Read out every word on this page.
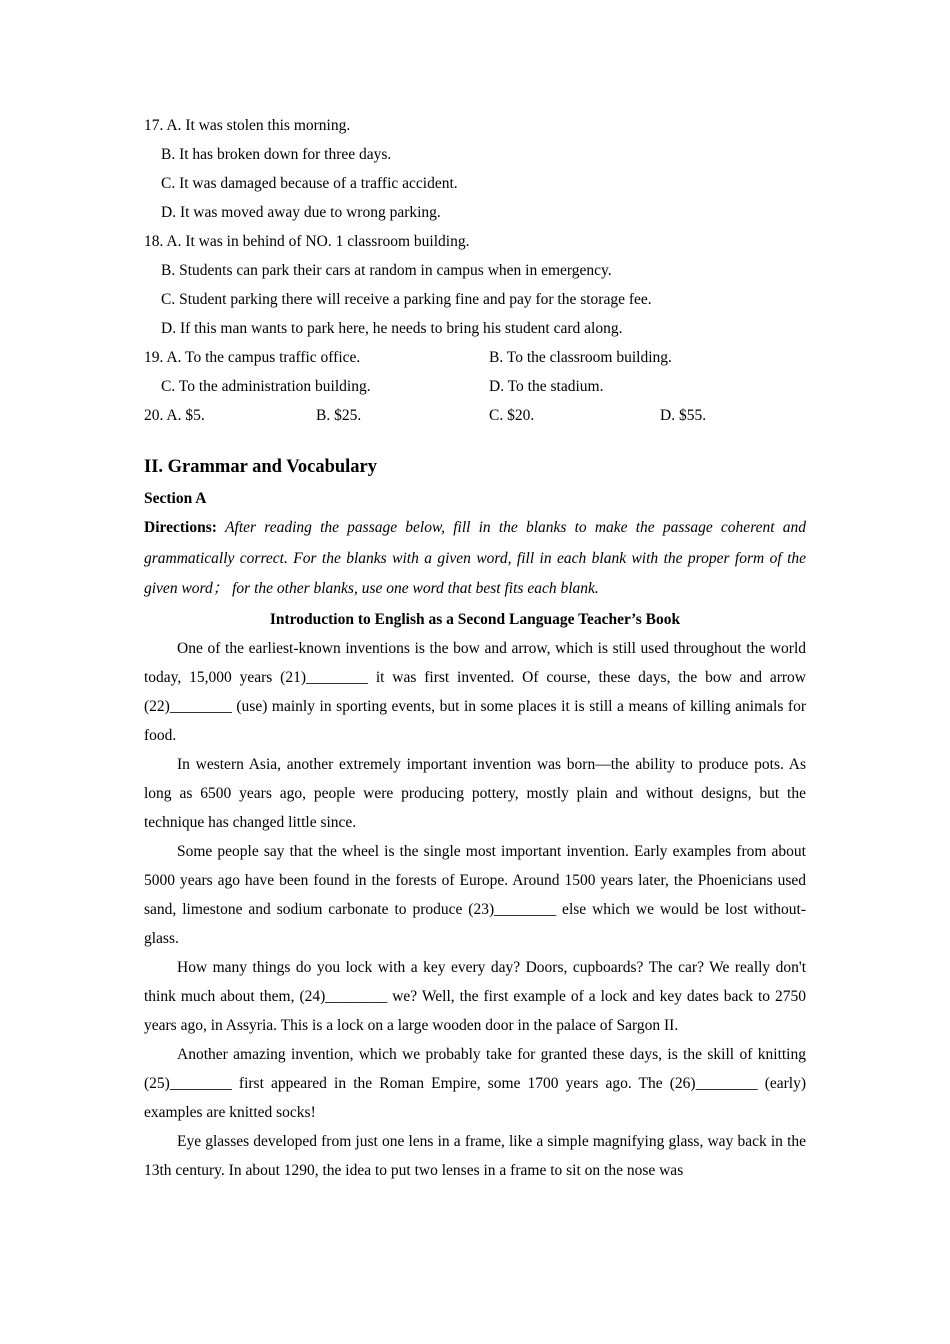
17. A. It was stolen this morning.
B. It has broken down for three days.
C. It was damaged because of a traffic accident.
D. It was moved away due to wrong parking.
18. A. It was in behind of NO. 1 classroom building.
B. Students can park their cars at random in campus when in emergency.
C. Student parking there will receive a parking fine and pay for the storage fee.
D. If this man wants to park here, he needs to bring his student card along.
19. A. To the campus traffic office.	B. To the classroom building.
C. To the administration building.	D. To the stadium.
20. A. $5.	B. $25.	C. $20.	D. $55.
II. Grammar and Vocabulary
Section A

Directions: After reading the passage below, fill in the blanks to make the passage coherent and grammatically correct. For the blanks with a given word, fill in each blank with the proper form of the given word； for the other blanks, use one word that best fits each blank.

Introduction to English as a Second Language Teacher’s Book

One of the earliest-known inventions is the bow and arrow, which is still used throughout the world today, 15,000 years (21)________ it was first invented. Of course, these days, the bow and arrow (22)________ (use) mainly in sporting events, but in some places it is still a means of killing animals for food.

In western Asia, another extremely important invention was born—the ability to produce pots. As long as 6500 years ago, people were producing pottery, mostly plain and without designs, but the technique has changed little since.

Some people say that the wheel is the single most important invention. Early examples from about 5000 years ago have been found in the forests of Europe. Around 1500 years later, the Phoenicians used sand, limestone and sodium carbonate to produce (23)________ else which we would be lost without-glass.

How many things do you lock with a key every day? Doors, cupboards? The car? We really don't think much about them, (24)________ we? Well, the first example of a lock and key dates back to 2750 years ago, in Assyria. This is a lock on a large wooden door in the palace of Sargon II.

Another amazing invention, which we probably take for granted these days, is the skill of knitting (25)________ first appeared in the Roman Empire, some 1700 years ago. The (26)________ (early) examples are knitted socks!

Eye glasses developed from just one lens in a frame, like a simple magnifying glass, way back in the 13th century. In about 1290, the idea to put two lenses in a frame to sit on the nose was
